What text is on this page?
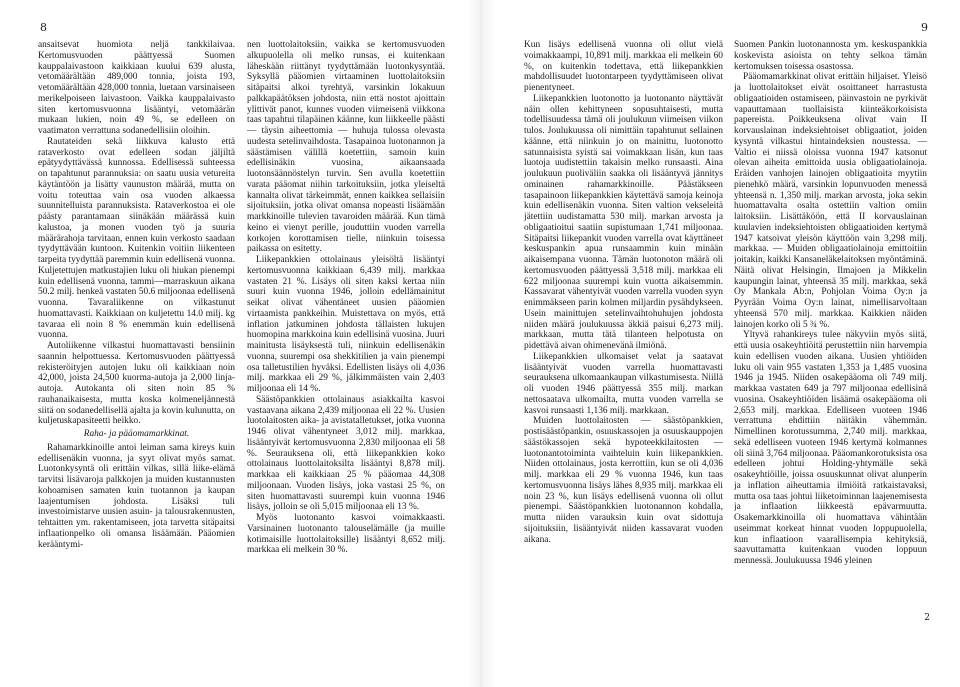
8	9

ansaitsevat huomiota neljä tankkilaivaa. Kertomusvuoden päättyessä Suomen kauppalaivastoon kaikkiaan kuului 639 alusta, vetomäärältään 489,000 tonnia, joista 193, vetomäärältään 428,000 tonnia, luetaan varsinaiseen merikelpoiseen laivastoon. Vaikka kauppalaivasto siten kertomusvuonna lisääntyi, vetomäärän mukaan lukien, noin 49 %, se edelleen on vaatimaton verrattuna sodanedellisiin oloihin.

Rautateiden sekä liikkuva kalusto että rataverkosto ovat edelleen sodan jäljiltä epätyydyttävässä kunnossa. Edellisessä suhteessa on tapahtunut parannuksia: on saatu uusia vetureita käytäntöön ja lisätty vaunuston määrää, mutta on voitu toteuttaa vain osa vuoden alkaessa suunnitelluista parannuksista. Rataverkostoa ei ole päästy parantamaan siinäkään määrässä kuin kalustoa, ja monen vuoden työ ja suuria määrärahoja tarvitaan, ennen kuin verkosto saadaan tyydyttävään kuntoon. Kuitenkin voitiin liikenteen tarpeita tyydyttää paremmin kuin edellisenä vuonna. Kuljetettujen matkustajien luku oli hiukan pienempi kuin edellisenä vuonna, tammi—marraskuun aikana 50.2 milj. henkeä vastaten 50.6 miljoonaa edellisenä vuonna. Tavaraliikenne on vilkastunut huomattavasti. Kaikkiaan on kuljetettu 14.0 milj. kg tavaraa eli noin 8 % enemmän kuin edellisenä vuonna.

Autoliikenne vilkastui huomattavasti bensiinin saannin helpottuessa. Kertomusvuoden päättyessä rekisteröityjen autojen luku oli kaikkiaan noin 42,000, joista 24,500 kuorma-autoja ja 2,000 linja-autoja. Autokanta oli siten noin 85 % rauhanaikaisesta, mutta koska kolmeneljännestä siitä on sodanedellisellä ajalta ja kovin kulunutta, on kuljetuskapasiteetti heikko.

Raha- ja pääomamarkkinat.

Rahamarkkinoille antoi leiman sama kireys kuin edellisenäkin vuonna, ja syyt olivat myös samat. Luotonkysyntä oli erittäin vilkas, sillä liike-elämä tarvitsi lisävaroja palkkojen ja muiden kustannusten kohoamisen samaten kuin tuotannon ja kaupan laajentumisen johdosta. Lisäksi tuli investoimistarve uusien asuin- ja talousrakennusten, tehtaitten ym. rakentamiseen, jota tarvetta sitäpaitsi inflaationpelko oli omansa lisäämään. Pääomien kerääntymi-

nen luottolaitoksiin, vaikka se kertomusvuoden alkupuolella oli melko runsas, ei kuitenkaan läheskään riittänyt tyydyttämään luotonkysyntää. Syksyllä pääomien virtaaminen luottolaitoksiin sitäpaitsi alkoi tyrehtyä, varsinkin lokakuun palkkapäätöksen johdosta, niin että nostot ajoittain ylittivät panot, kunnes vuoden viimeisenä viikkona taas tapahtui tilapäinen käänne, kun liikkeelle päästi — täysin aiheettomia — huhuja tulossa olevasta uudesta setelinvaihdosta. Tasapainoa luotonannon ja säästämisen välillä koetettiin, samoin kuin edellisinäkin vuosina, aikaansaada luotonsäännöstelyn turvin. Sen avulla koetettiin varata pääomat niihin tarkoituksiin, jotka yleiseltä kannalta olivat tärkeimmät, ennen kaikkea sellaisiin sijoituksiin, jotka olivat omansa nopeasti lisäämään markkinoille tulevien tavaroiden määrää. Kun tämä keino ei vienyt perille, jouduttiin vuoden varrella korkojen korottamisen tielle, niinkuin toisessa paikassa on esitetty.

Liikepankkien ottolainaus yleisöltä lisääntyi kertomusvuonna kaikkiaan 6,439 milj. markkaa vastaten 21 %. Lisäys oli siten kaksi kertaa niin suuri kuin vuonna 1946, jolloin edellämainitut seikat olivat vähentäneet uusien pääomien virtaamista pankkeihin. Muistettava on myös, että inflation jatkuminen johdosta tällaisten lukujen huomopina markkoina kuin edellisinä vuosina. Juuri mainitusta lisäyksestä tuli, niinkuin edellisenäkin vuonna, suurempi osa shekkitilien ja vain pienempi osa talletustilien hyväksi. Edellisten lisäys oli 4,036 milj. markkaa eli 29 %, jälkimmäisten vain 2,403 miljoonaa eli 14 %.

Säästöpankkien ottolainaus asiakkailta kasvoi vastaavana aikana 2,439 miljoonaa eli 22 %. Uusien luotolaitosten aika- ja avistatalletukset, jotka vuonna 1946 olivat vähentyneet 3,012 milj. markkaa, lisääntyivät kertomusvuonna 2,830 miljoonaa eli 58 %. Seurauksena oli, että liikepankkien koko ottolainaus luottolaitoksilta lisääntyi 8,878 milj. markkaa eli kaikkiaan 25 % pääomaa 44,308 miljoonaan. Vuoden lisäys, joka vastasi 25 %, on siten huomattavasti suurempi kuin vuonna 1946 lisäys, jolloin se oli 5,015 miljoonaa eli 13 %.

Myös luotonanto kasvoi voimakkaasti. Varsinainen luotonanto talouselämälle (ja muille kotimaisille luottolaitoksille) lisääntyi 8,652 milj. markkaa eli melkein 30 %.

Kun lisäys edellisenä vuonna oli ollut vielä voimakkaampi, 10,891 milj. markkaa eli melkein 60 %, on kuitenkin todettava, että liikepankkien mahdollisuudet luotontarpeen tyydyttämiseen olivat pienentyneet.

Liikepankkien luotonotto ja luotonanto näyttävät näin ollen kehittyneen sopusuhtaisesti, mutta todellisuudessa tämä oli joulukuun viimeisen viikon tulos. Joulukuussa oli nimittäin tapahtunut sellainen käänne, että niinkuin jo on mainittu, luotonotto satunnaisista syistä sai voimakkaan lisän, kun taas luotoja uudistettiin takaisin melko runsaasti. Aina joulukuun puoliväliin saakka oli lisääntyvä jännitys ominainen rahamarkkinoille. Päästäkseen tasapainoon liikepankkien käytettävä samoja keinoja kuin edellisenäkin vuonna. Siten valtion vekseleitä jätettiin uudistamatta 530 milj. markan arvosta ja obligaatioitui saatiin supistumaan 1,741 miljoonaa. Sitäpaitsi liikepankit vuoden varrella ovat käyttäneet keskuspankin apua runsaammin kuin minään aikaisempana vuonna. Tämän luotonoton määrä oli kertomusvuoden päättyessä 3,518 milj. markkaa eli 622 miljoonaa suurempi kuin vuotta aikaisemmin. Kassavarat vähentyivät vuoden varrella vuoden syyn enimmäkseen parin kolmen miljardin pysähdykseen. Usein mainittujen setelinvaihtohuhujen johdosta niiden määrä joulukuussa äkkiä paisui 6,273 milj. markkaan, mutta tätä tilanteen helpotusta on pidettävä aivan ohimenevänä ilmiönä.

Liikepankkien ulkomaiset velat ja saatavat lisääntyivät vuoden varrella huomattavasti seurauksena ulkomaankaupan vilkastumisesta. Niillä oli vuoden 1946 päättyessä 355 milj. markan nettosaatava ulkomailta, mutta vuoden varrella se kasvoi runsaasti 1,136 milj. markkaan.

Muiden luottolaitosten — säästöpankkien, postisäästöpankin, osuuskassojen ja osuuskauppojen säästökassojen sekä hypoteekkilaitosten — luotonantotoiminta vaihteluin kuin liikepankkien. Niiden ottolainaus, josta kerrottiin, kun se oli 4,036 milj. markkaa eli 29 % vuonna 1946, kun taas kertomusvuonna lisäys lähes 8,935 milj. markkaa eli noin 23 %, kun lisäys edellisenä vuonna oli ollut pienempi. Säästöpankkien luotonannon kohdalla, mutta niiden varauksin kuin ovat sidottuja sijoituksiin, lisääntyivät niiden kassavarat vuoden aikana.

Suomen Pankin luotonannosta ym. keskuspankkia koskevista asioista on tehty selkoa tämän kertomuksen toisessa osastossa.

Pääomamarkkinat olivat erittäin hiljaiset. Yleisö ja luottolaitokset eivät osoittaneet harrastusta obligaatioiden ostamiseen, päinvastoin ne pyrkivät vapauttamaan tuollaisista kiinteäkorkoisista papereista. Poikkeuksena olivat vain II korvauslainan indeksiehtoiset obligaatiot, joiden kysyntä vilkastui hintaindeksien noustessa. — Valtio ei niissä oloissa vuonna 1947 katsonut olevan aiheita emittoida uusia obligaatiolainoja. Eräiden vanhojen lainojen obligaatioita myytiin pienehkö määrä, varsinkin lopunvuoden menessä yhteensä n. 1,350 milj. markan arvosta, joka sekin huomattavalta osalta ostettiin valtion omiin laitoksiin. Lisättäköön, että II korvauslainan kuulavien indeksiehtoisten obligaatioiden kertymä 1947 katsoivat yleisön käyttöön vain 3,298 milj. markkaa. — Muiden obligaatiolainoja emittoitiin joitakin, kaikki Kansaneläkelaitoksen myöntäminä. Näitä olivat Helsingin, Ilmajoen ja Mikkelin kaupungin lainat, yhteensä 35 milj. markkaa, sekä Oy Mankala Ab:n, Pohjolan Voima Oy:n ja Pyyrään Voima Oy:n lainat, nimellisarvoltaan yhteensä 570 milj. markkaa. Kaikkien näiden lainojen korko oli 5 ¾ %.

Yltyvä rahankireys tulee näkyviin myös siitä, että uusia osakeyhtiöitä perustettiin niin harvempia kuin edellisen vuoden aikana. Uusien yhtiöiden luku oli vain 955 vastaten 1,353 ja 1,485 vuosina 1946 ja 1945. Niiden osakepääoma oli 749 milj. markkaa vastaten 649 ja 797 miljoonaa edellisinä vuosina. Osakeyhtiöiden lisäämä osakepääoma oli 2,653 milj. markkaa. Edelliseen vuoteen 1946 verrattuna ehdittiin näitäkin vähemmän. Nimellinen korotussumma, 2,740 milj. markkaa, sekä edelliseen vuoteen 1946 kertymä kolmannes oli siinä 3,764 miljoonaa. Pääomankorotuksista osa edelleen johtui Holding-yhtymälle sekä osakeyhtiöille, joissa osuuskunnat olivat alunperin ja inflation aiheuttamia ilmiöitä ratkaistavaksi, mutta osa taas johtui liiketoiminnan laajenemisesta ja inflaation liikkeestä epävarmuutta. Osakemarkkinoilla oli huomattava vähintään useimmat korkeat hinnat vuoden loppupuolella, kun inflaatioon vaarallisempia kehityksiä, saavuttamatta kuitenkaan vuoden loppuun mennessä. Joulukuussa 1946 yleinen

2
